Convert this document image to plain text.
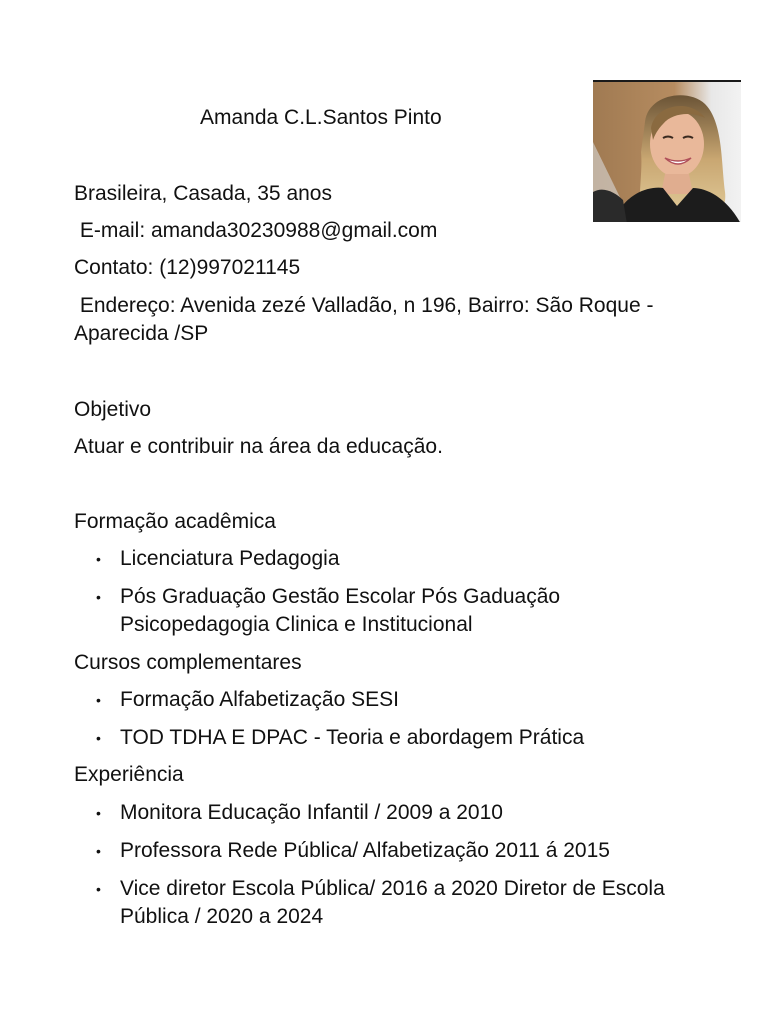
Amanda C.L.Santos Pinto
Brasileira, Casada, 35 anos
E-mail: amanda30230988@gmail.com
Contato: (12)997021145
Endereço: Avenida zezé Valladão, n 196, Bairro: São Roque - Aparecida /SP
Objetivo
Atuar e contribuir na área da educação.
Formação acadêmica
• Licenciatura Pedagogia
• Pós Graduação Gestão Escolar Pós Gaduação Psicopedagogia Clinica e Institucional
Cursos complementares
• Formação Alfabetização SESI
• TOD TDHA E DPAC - Teoria e abordagem Prática
Experiência
• Monitora Educação Infantil / 2009 a 2010
• Professora Rede Pública/ Alfabetização 2011 á 2015
• Vice diretor Escola Pública/ 2016 a 2020 Diretor de Escola Pública / 2020 a 2024
